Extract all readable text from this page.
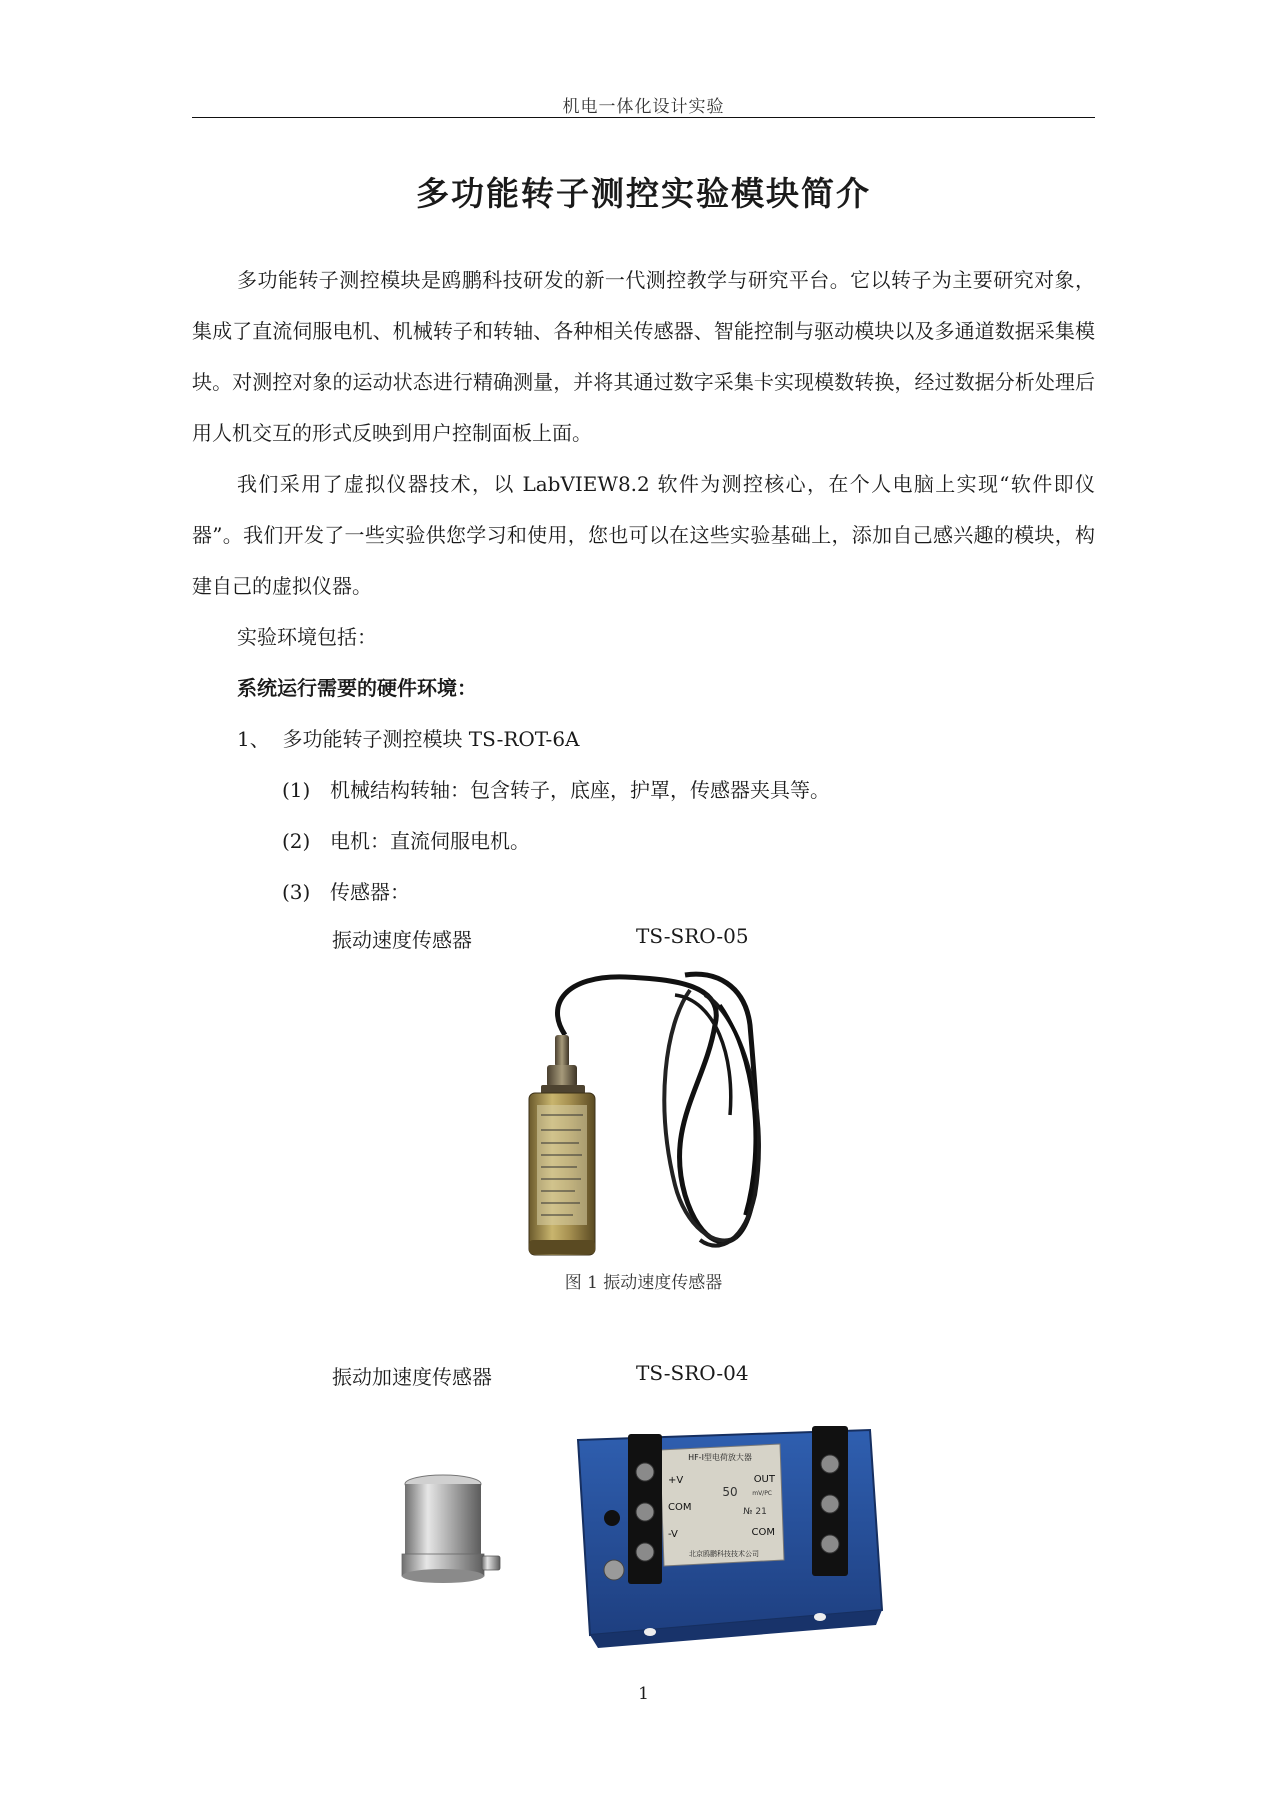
机电一体化设计实验
多功能转子测控实验模块简介

多功能转子测控模块是鸥鹏科技研发的新一代测控教学与研究平台。它以转子为主要研究对象，集成了直流伺服电机、机械转子和转轴、各种相关传感器、智能控制与驱动模块以及多通道数据采集模块。对测控对象的运动状态进行精确测量，并将其通过数字采集卡实现模数转换，经过数据分析处理后用人机交互的形式反映到用户控制面板上面。

我们采用了虚拟仪器技术，以 LabVIEW8.2 软件为测控核心，在个人电脑上实现“软件即仪器”。我们开发了一些实验供您学习和使用，您也可以在这些实验基础上，添加自己感兴趣的模块，构建自己的虚拟仪器。

实验环境包括：

系统运行需要的硬件环境：

1、 多功能转子测控模块 TS-ROT-6A

(1) 机械结构转轴：包含转子，底座，护罩，传感器夹具等。

(2) 电机：直流伺服电机。

(3) 传感器：

振动速度传感器	TS-SRO-05
图 1 振动速度传感器
振动加速度传感器	TS-SRO-04
HF-Ⅰ型电荷放大器
+V	OUT
COM
50 mV/PC
№ 21
-V	COM
北京鸥鹏科技技术公司
1
